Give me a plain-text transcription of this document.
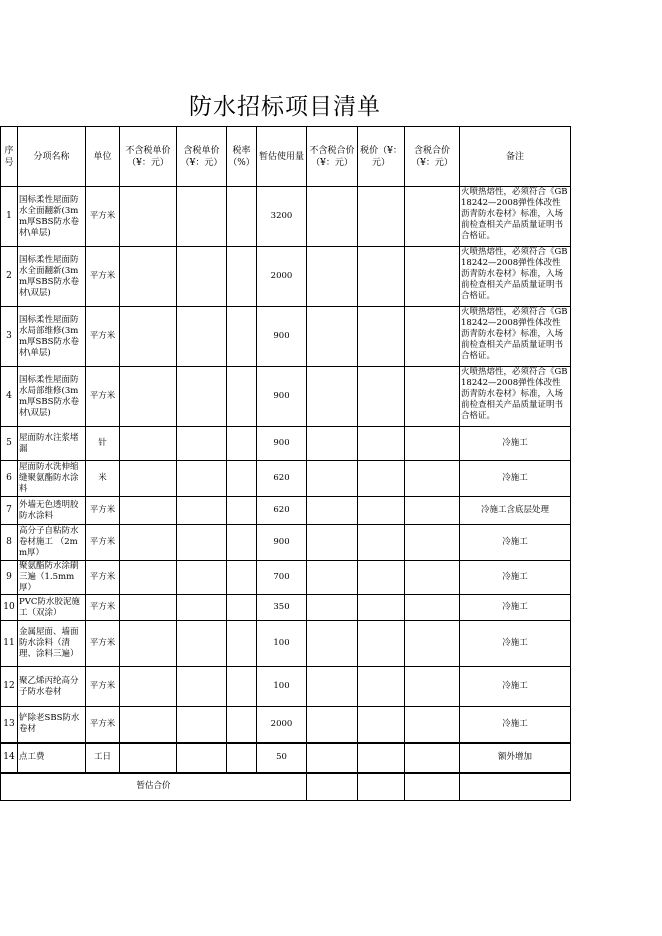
防水招标项目清单
序号	分项名称	单位	不含税单价（¥：元）	含税单价（¥：元）	税率（%）	暂估使用量	不含税合价（¥：元）	税价（¥：元）	含税合价（¥：元）	备注
1	国标柔性屋面防水全面翻新(3mm厚SBS防水卷材\单层)	平方米				3200				火喷热熔性，必须符合《GB18242—2008弹性体改性沥青防水卷材》标准，入场前检查相关产品质量证明书合格证。
2	国标柔性屋面防水全面翻新(3mm厚SBS防水卷材\双层)	平方米				2000				火喷热熔性，必须符合《GB18242—2008弹性体改性沥青防水卷材》标准，入场前检查相关产品质量证明书合格证。
3	国标柔性屋面防水局部维修(3mm厚SBS防水卷材\单层)	平方米				900				火喷热熔性，必须符合《GB18242—2008弹性体改性沥青防水卷材》标准，入场前检查相关产品质量证明书合格证。
4	国标柔性屋面防水局部维修(3mm厚SBS防水卷材\双层)	平方米				900				火喷热熔性，必须符合《GB18242—2008弹性体改性沥青防水卷材》标准，入场前检查相关产品质量证明书合格证。
5	屋面防水注浆堵漏	针				900				冷施工
6	屋面防水洗伸缩缝聚氨酯防水涂料	米				620				冷施工
7	外墙无色透明胶防水涂料	平方米				620				冷施工含底层处理
8	高分子自粘防水卷材施工 （2mm厚）	平方米				900				冷施工
9	聚氨酯防水涂刷三遍（1.5mm厚）	平方米				700				冷施工
10	PVC防水胶泥施工（双涂）	平方米				350				冷施工
11	金属屋面、墙面防水涂料（清理、涂料三遍）	平方米				100				冷施工
12	聚乙烯丙纶高分子防水卷材	平方米				100				冷施工
13	铲除老SBS防水卷材	平方米				2000				冷施工
14	点工费	工日				50				额外增加
暂估合价										
